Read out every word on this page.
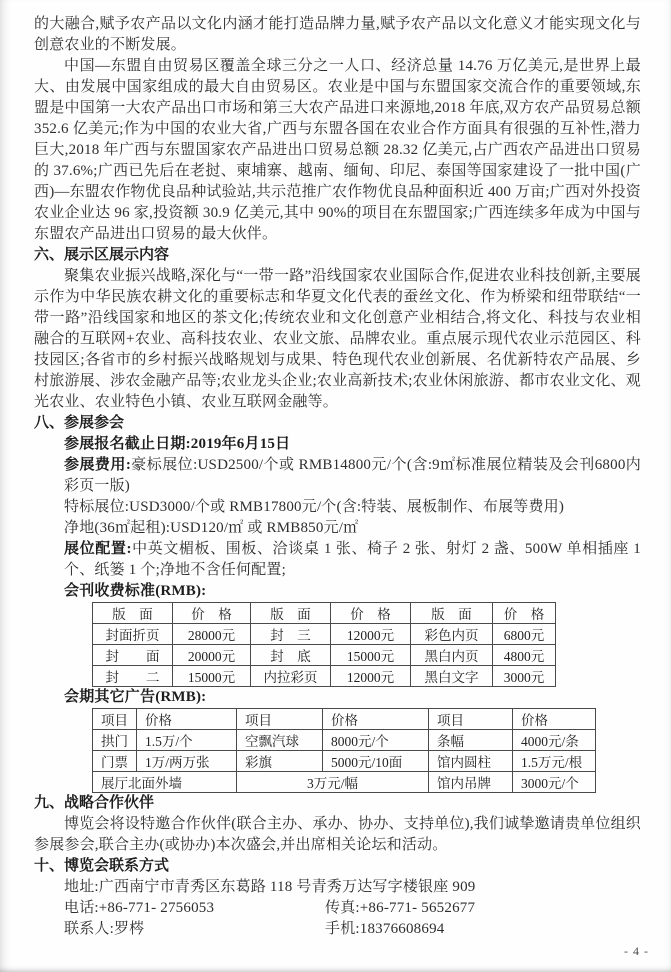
的大融合,赋予农产品以文化内涵才能打造品牌力量,赋予农产品以文化意义才能实现文化与创意农业的不断发展。

中国—东盟自由贸易区覆盖全球三分之一人口、经济总量 14.76 万亿美元,是世界上最大、由发展中国家组成的最大自由贸易区。农业是中国与东盟国家交流合作的重要领域,东盟是中国第一大农产品出口市场和第三大农产品进口来源地,2018 年底,双方农产品贸易总额 352.6 亿美元;作为中国的农业大省,广西与东盟各国在农业合作方面具有很强的互补性,潜力巨大,2018 年广西与东盟国家农产品进出口贸易总额 28.32 亿美元,占广西农产品进出口贸易的 37.6%;广西已先后在老挝、柬埔寨、越南、缅甸、印尼、泰国等国家建设了一批中国(广西)—东盟农作物优良品种试验站,共示范推广农作物优良品种面积近 400 万亩;广西对外投资农业企业达 96 家,投资额 30.9 亿美元,其中 90%的项目在东盟国家;广西连续多年成为中国与东盟农产品进出口贸易的最大伙伴。

六、展示区展示内容

聚集农业振兴战略,深化与“一带一路”沿线国家农业国际合作,促进农业科技创新,主要展示作为中华民族农耕文化的重要标志和华夏文化代表的蚕丝文化、作为桥梁和纽带联结“一带一路”沿线国家和地区的茶文化;传统农业和文化创意产业相结合,将文化、科技与农业相融合的互联网+农业、高科技农业、农业文旅、品牌农业。重点展示现代农业示范园区、科技园区;各省市的乡村振兴战略规划与成果、特色现代农业创新展、名优新特农产品展、乡村旅游展、涉农金融产品等;农业龙头企业;农业高新技术;农业休闲旅游、都市农业文化、观光农业、农业特色小镇、农业互联网金融等。

八、参展参会
参展报名截止日期:2019年6月15日
参展费用:豪标展位:USD2500/个或 RMB14800元/个(含:9㎡标准展位精装及会刊6800内彩页一版)
特标展位:USD3000/个或 RMB17800元/个(含:特装、展板制作、布展等费用)
净地(36㎡起租):USD120/㎡ 或 RMB850元/㎡
展位配置:中英文楣板、围板、洽谈桌 1 张、椅子 2 张、射灯 2 盏、500W 单相插座 1 个、纸篓 1 个;净地不含任何配置;
会刊收费标准(RMB):
版　面	价　格	版　面	价　格	版　面	价　格
封面折页	28000元	封　三	12000元	彩色内页	6800元
封　　面	20000元	封　底	15000元	黑白内页	4800元
封　　二	15000元	内拉彩页	12000元	黑白文字	3000元
会期其它广告(RMB):
项目	价格	项目	价格	项目	价格
拱门	1.5万/个	空飘汽球	8000元/个	条幅	4000元/条
门票	1万/两万张	彩旗	5000元/10面	馆内圆柱	1.5万元/根
展厅北面外墙		3万元/幅		馆内吊牌	3000元/个
九、战略合作伙伴

博览会将设特邀合作伙伴(联合主办、承办、协办、支持单位),我们诚挚邀请贵单位组织参展参会,联合主办(或协办)本次盛会,并出席相关论坛和活动。

十、博览会联系方式
地址:广西南宁市青秀区东葛路 118 号青秀万达写字楼银座 909
电话:+86-771- 2756053	传真:+86-771- 5652677
联系人:罗梣	手机:18376608694
- 4 -
